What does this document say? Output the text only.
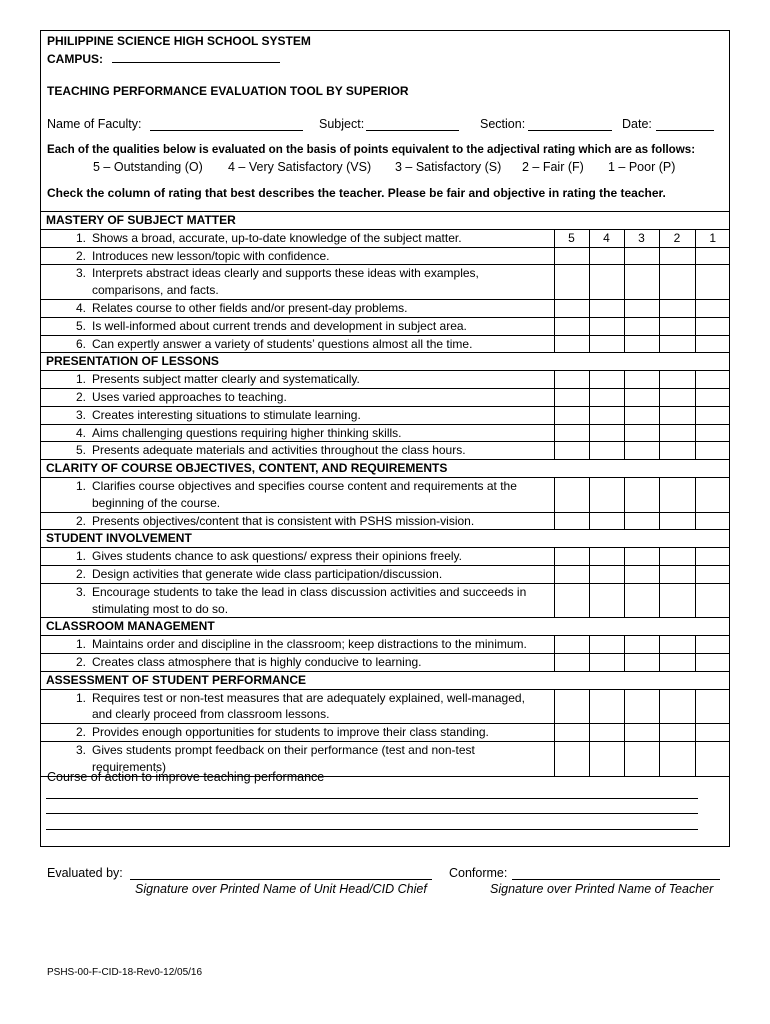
PHILIPPINE SCIENCE HIGH SCHOOL SYSTEM
CAMPUS:
TEACHING PERFORMANCE EVALUATION TOOL BY SUPERIOR
Name of Faculty:	Subject:	Section:	Date:
Each of the qualities below is evaluated on the basis of points equivalent to the adjectival rating which are as follows:
5 – Outstanding (O) 4 – Very Satisfactory (VS) 3 – Satisfactory (S) 2 – Fair (F) 1 – Poor (P)
Check the column of rating that best describes the teacher. Please be fair and objective in rating the teacher.
MASTERY OF SUBJECT MATTER					
1. Shows a broad, accurate, up-to-date knowledge of the subject matter.	5	4	3	2	1
2. Introduces new lesson/topic with confidence.					
3. Interprets abstract ideas clearly and supports these ideas with examples, comparisons, and facts.					
4. Relates course to other fields and/or present-day problems.					
5. Is well-informed about current trends and development in subject area.					
6. Can expertly answer a variety of students’ questions almost all the time.					
PRESENTATION OF LESSONS					
1. Presents subject matter clearly and systematically.					
2. Uses varied approaches to teaching.					
3. Creates interesting situations to stimulate learning.					
4. Aims challenging questions requiring higher thinking skills.					
5. Presents adequate materials and activities throughout the class hours.					
CLARITY OF COURSE OBJECTIVES, CONTENT, AND REQUIREMENTS					
1. Clarifies course objectives and specifies course content and requirements at the beginning of the course.					
2. Presents objectives/content that is consistent with PSHS mission-vision.					
STUDENT INVOLVEMENT					
1. Gives students chance to ask questions/ express their opinions freely.					
2. Design activities that generate wide class participation/discussion.					
3. Encourage students to take the lead in class discussion activities and succeeds in stimulating most to do so.					
CLASSROOM MANAGEMENT					
1. Maintains order and discipline in the classroom; keep distractions to the minimum.					
2. Creates class atmosphere that is highly conducive to learning.					
ASSESSMENT OF STUDENT PERFORMANCE					
1. Requires test or non-test measures that are adequately explained, well-managed, and clearly proceed from classroom lessons.					
2. Provides enough opportunities for students to improve their class standing.					
3. Gives students prompt feedback on their performance (test and non-test requirements)					
Course of action to improve teaching performance
Evaluated by:
Signature over Printed Name of Unit Head/CID Chief
Conforme:
Signature over Printed Name of Teacher
PSHS-00-F-CID-18-Rev0-12/05/16
